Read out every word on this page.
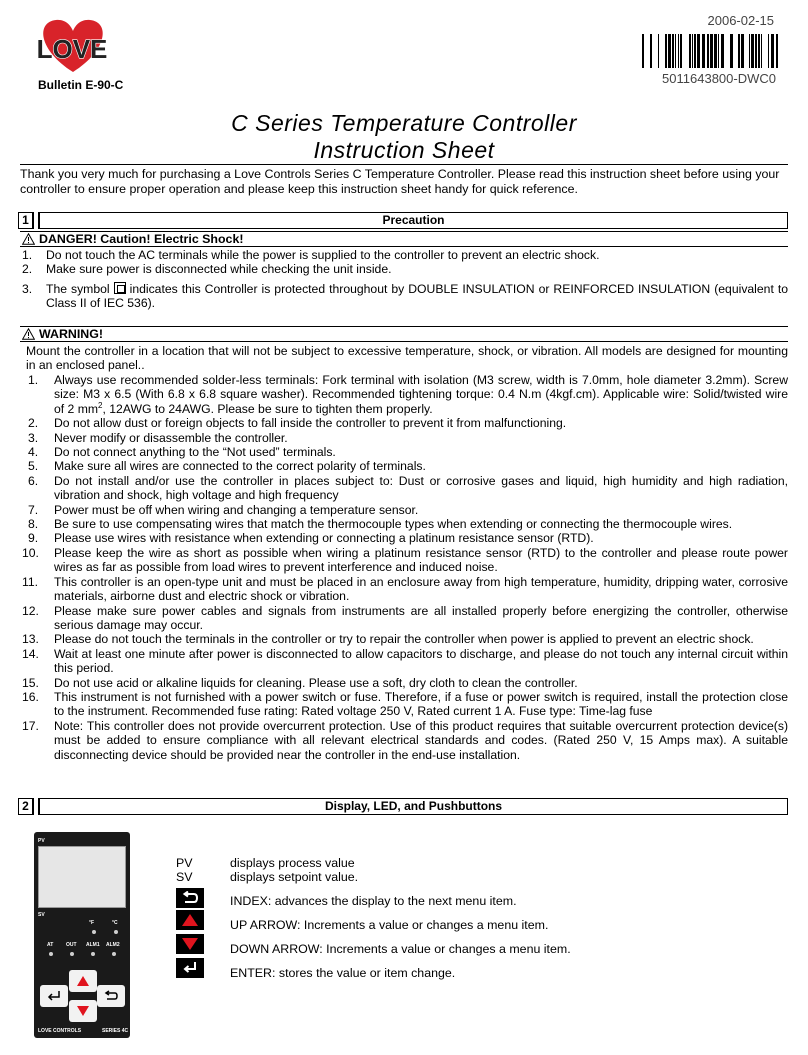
LOVE
Bulletin E-90-C
2006-02-15
5011643800-DWC0
C Series Temperature Controller
Instruction Sheet
Thank you very much for purchasing a Love Controls Series C Temperature Controller. Please read this instruction sheet before using your controller to ensure proper operation and please keep this instruction sheet handy for quick reference.
1	Precaution
DANGER! Caution! Electric Shock!
1.	Do not touch the AC terminals while the power is supplied to the controller to prevent an electric shock.
2.	Make sure power is disconnected while checking the unit inside.
3.	The symbol indicates this Controller is protected throughout by DOUBLE INSULATION or REINFORCED INSULATION (equivalent to Class II of IEC 536).
WARNING!
Mount the controller in a location that will not be subject to excessive temperature, shock, or vibration. All models are designed for mounting in an enclosed panel..
1.	Always use recommended solder-less terminals: Fork terminal with isolation (M3 screw, width is 7.0mm, hole diameter 3.2mm). Screw size: M3 x 6.5 (With 6.8 x 6.8 square washer). Recommended tightening torque: 0.4 N.m (4kgf.cm). Applicable wire: Solid/twisted wire of 2 $mm^2$, 12AWG to 24AWG. Please be sure to tighten them properly.
2.	Do not allow dust or foreign objects to fall inside the controller to prevent it from malfunctioning.
3.	Never modify or disassemble the controller.
4.	Do not connect anything to the “Not used” terminals.
5.	Make sure all wires are connected to the correct polarity of terminals.
6.	Do not install and/or use the controller in places subject to: Dust or corrosive gases and liquid, high humidity and high radiation, vibration and shock, high voltage and high frequency
7.	Power must be off when wiring and changing a temperature sensor.
8.	Be sure to use compensating wires that match the thermocouple types when extending or connecting the thermocouple wires.
9.	Please use wires with resistance when extending or connecting a platinum resistance sensor (RTD).
10.	Please keep the wire as short as possible when wiring a platinum resistance sensor (RTD) to the controller and please route power wires as far as possible from load wires to prevent interference and induced noise.
11.	This controller is an open-type unit and must be placed in an enclosure away from high temperature, humidity, dripping water, corrosive materials, airborne dust and electric shock or vibration.
12.	Please make sure power cables and signals from instruments are all installed properly before energizing the controller, otherwise serious damage may occur.
13.	Please do not touch the terminals in the controller or try to repair the controller when power is applied to prevent an electric shock.
14.	Wait at least one minute after power is disconnected to allow capacitors to discharge, and please do not touch any internal circuit within this period.
15.	Do not use acid or alkaline liquids for cleaning. Please use a soft, dry cloth to clean the controller.
16.	This instrument is not furnished with a power switch or fuse. Therefore, if a fuse or power switch is required, install the protection close to the instrument. Recommended fuse rating: Rated voltage 250 V, Rated current 1 A. Fuse type: Time-lag fuse
17.	Note: This controller does not provide overcurrent protection. Use of this product requires that suitable overcurrent protection device(s) must be added to ensure compliance with all relevant electrical standards and codes. (Rated 250 V, 15 Amps max). A suitable disconnecting device should be provided near the controller in the end-use installation.
2	Display, LED, and Pushbuttons
PV
SV
°F	°C
AT	OUT ALM1 ALM2
LOVE CONTROLS	SERIES 4C
PV	displays process value
SV	displays setpoint value.
INDEX: advances the display to the next menu item.
UP ARROW: Increments a value or changes a menu item.
DOWN ARROW: Increments a value or changes a menu item.
ENTER: stores the value or item change.
